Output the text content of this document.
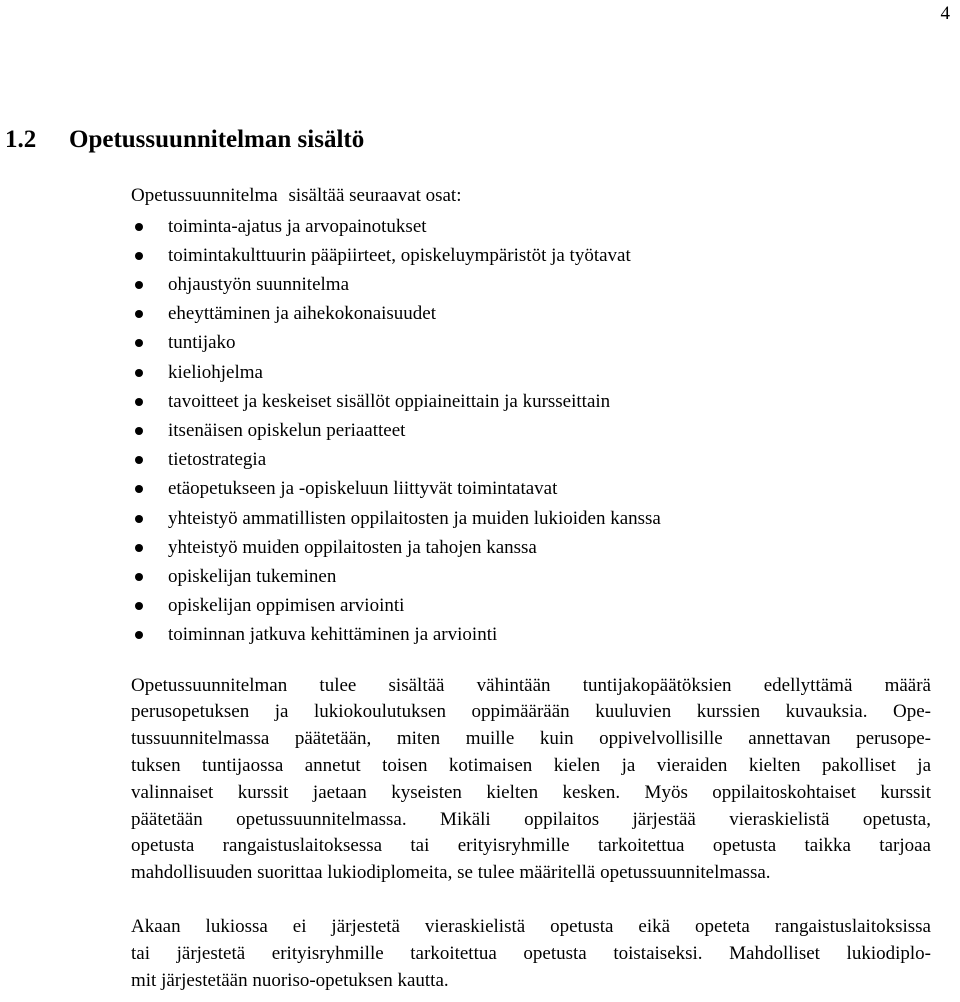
4
1.2 Opetussuunnitelman sisältö

Opetussuunnitelma sisältää seuraavat osat:

toiminta-ajatus ja arvopainotukset
toimintakulttuurin pääpiirteet, opiskeluympäristöt ja työtavat
ohjaustyön suunnitelma
eheyttäminen ja aihekokonaisuudet
tuntijako
kieliohjelma
tavoitteet ja keskeiset sisällöt oppiaineittain ja kursseittain
itsenäisen opiskelun periaatteet
tietostrategia
etäopetukseen ja -opiskeluun liittyvät toimintatavat
yhteistyö ammatillisten oppilaitosten ja muiden lukioiden kanssa
yhteistyö muiden oppilaitosten ja tahojen kanssa
opiskelijan tukeminen
opiskelijan oppimisen arviointi
toiminnan jatkuva kehittäminen ja arviointi

Opetussuunnitelman tulee sisältää vähintään tuntijakopäätöksien edellyttämä määrä
perusopetuksen ja lukiokoulutuksen oppimäärään kuuluvien kurssien kuvauksia. Ope-
tussuunnitelmassa päätetään, miten muille kuin oppivelvollisille annettavan perusope-
tuksen tuntijaossa annetut toisen kotimaisen kielen ja vieraiden kielten pakolliset ja
valinnaiset kurssit jaetaan kyseisten kielten kesken. Myös oppilaitoskohtaiset kurssit
päätetään opetussuunnitelmassa. Mikäli oppilaitos järjestää vieraskielistä opetusta,
opetusta rangaistuslaitoksessa tai erityisryhmille tarkoitettua opetusta taikka tarjoaa
mahdollisuuden suorittaa lukiodiplomeita, se tulee määritellä opetussuunnitelmassa.

Akaan lukiossa ei järjestetä vieraskielistä opetusta eikä opeteta rangaistuslaitoksissa
tai järjestetä erityisryhmille tarkoitettua opetusta toistaiseksi. Mahdolliset lukiodiplo-
mit järjestetään nuoriso-opetuksen kautta.
